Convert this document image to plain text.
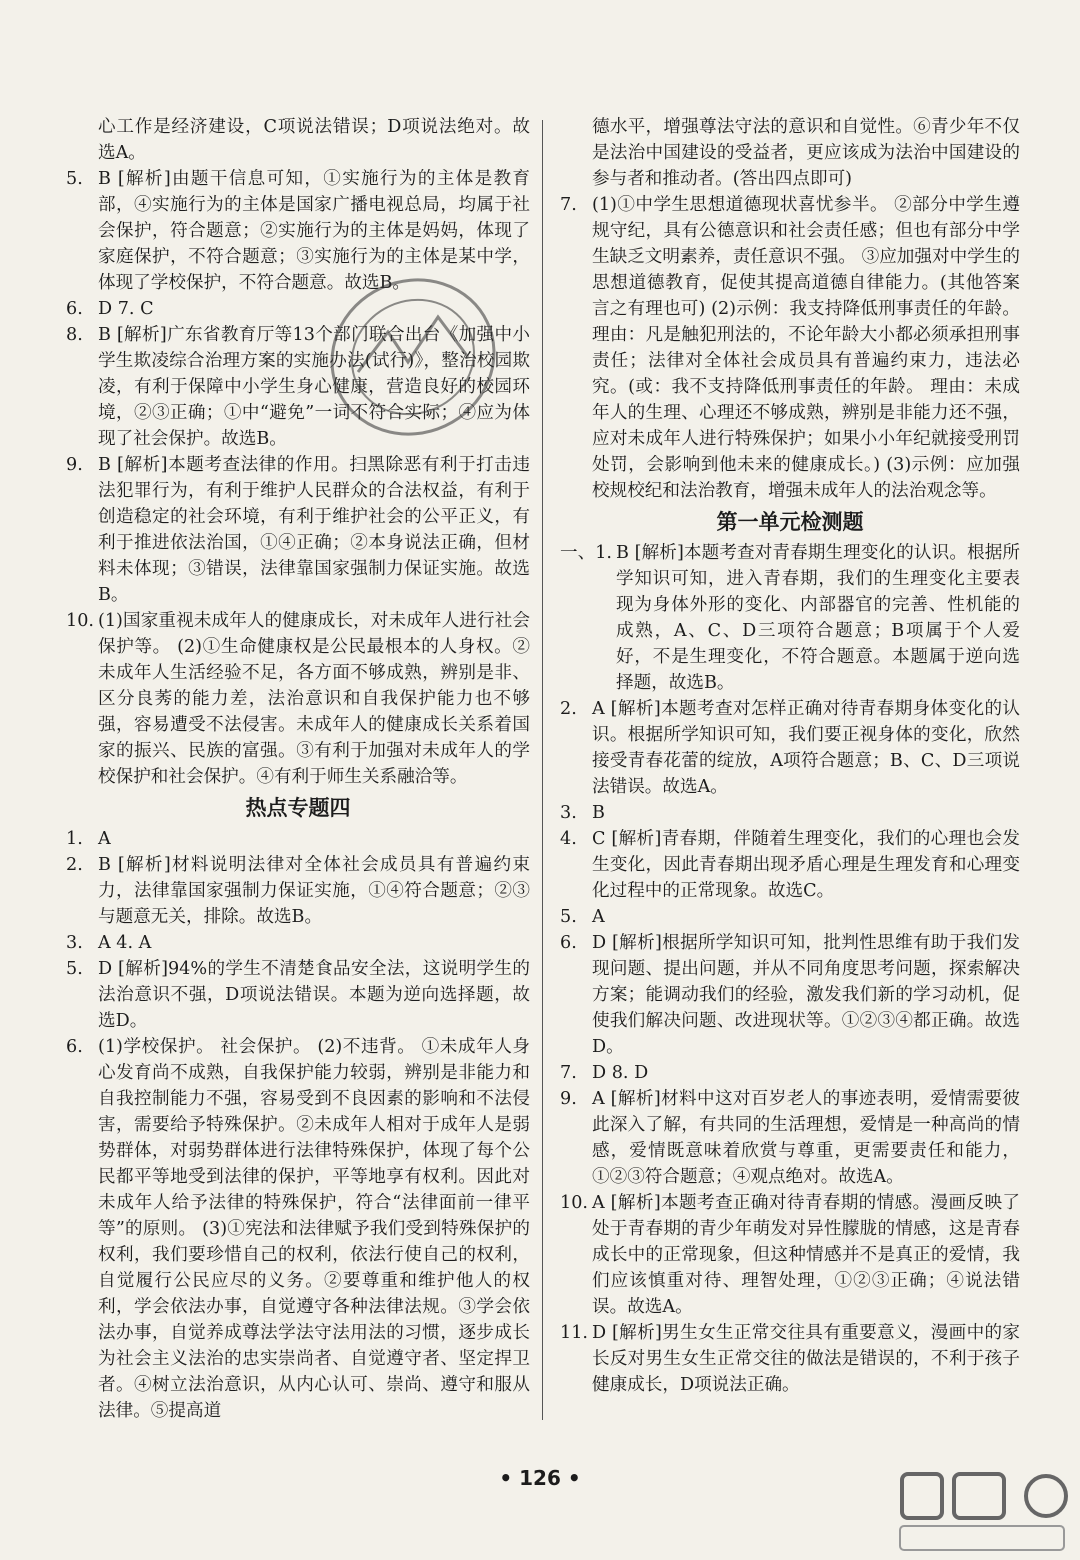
心工作是经济建设，C项说法错误；D项说法绝对。故选A。
5. B [解析]由题干信息可知，①实施行为的主体是教育部，④实施行为的主体是国家广播电视总局，均属于社会保护，符合题意；②实施行为的主体是妈妈，体现了家庭保护，不符合题意；③实施行为的主体是某中学，体现了学校保护，不符合题意。故选B。
6. D 7. C
8. B [解析]广东省教育厅等13个部门联合出台《加强中小学生欺凌综合治理方案的实施办法(试行)》，整治校园欺凌，有利于保障中小学生身心健康，营造良好的校园环境，②③正确；①中“避免”一词不符合实际；④应为体现了社会保护。故选B。
9. B [解析]本题考查法律的作用。扫黑除恶有利于打击违法犯罪行为，有利于维护人民群众的合法权益，有利于创造稳定的社会环境，有利于维护社会的公平正义，有利于推进依法治国，①④正确；②本身说法正确，但材料未体现；③错误，法律靠国家强制力保证实施。故选B。
10. (1)国家重视未成年人的健康成长，对未成年人进行社会保护等。 (2)①生命健康权是公民最根本的人身权。②未成年人生活经验不足，各方面不够成熟，辨别是非、区分良莠的能力差，法治意识和自我保护能力也不够强，容易遭受不法侵害。未成年人的健康成长关系着国家的振兴、民族的富强。③有利于加强对未成年人的学校保护和社会保护。④有利于师生关系融洽等。
热点专题四
1. A
2. B [解析]材料说明法律对全体社会成员具有普遍约束力，法律靠国家强制力保证实施，①④符合题意；②③与题意无关，排除。故选B。
3. A 4. A
5. D [解析]94%的学生不清楚食品安全法，这说明学生的法治意识不强，D项说法错误。本题为逆向选择题，故选D。
6. (1)学校保护。 社会保护。 (2)不违背。 ①未成年人身心发育尚不成熟，自我保护能力较弱，辨别是非能力和自我控制能力不强，容易受到不良因素的影响和不法侵害，需要给予特殊保护。②未成年人相对于成年人是弱势群体，对弱势群体进行法律特殊保护，体现了每个公民都平等地受到法律的保护，平等地享有权利。因此对未成年人给予法律的特殊保护，符合“法律面前一律平等”的原则。 (3)①宪法和法律赋予我们受到特殊保护的权利，我们要珍惜自己的权利，依法行使自己的权利，自觉履行公民应尽的义务。②要尊重和维护他人的权利，学会依法办事，自觉遵守各种法律法规。③学会依法办事，自觉养成尊法学法守法用法的习惯，逐步成长为社会主义法治的忠实崇尚者、自觉遵守者、坚定捍卫者。④树立法治意识，从内心认可、崇尚、遵守和服从法律。⑤提高道
德水平，增强尊法守法的意识和自觉性。⑥青少年不仅是法治中国建设的受益者，更应该成为法治中国建设的参与者和推动者。(答出四点即可)
7. (1)①中学生思想道德现状喜忧参半。 ②部分中学生遵规守纪，具有公德意识和社会责任感；但也有部分中学生缺乏文明素养，责任意识不强。 ③应加强对中学生的思想道德教育，促使其提高道德自律能力。(其他答案言之有理也可) (2)示例：我支持降低刑事责任的年龄。 理由：凡是触犯刑法的，不论年龄大小都必须承担刑事责任；法律对全体社会成员具有普遍约束力，违法必究。(或：我不支持降低刑事责任的年龄。 理由：未成年人的生理、心理还不够成熟，辨别是非能力还不强，应对未成年人进行特殊保护；如果小小年纪就接受刑罚处罚，会影响到他未来的健康成长。) (3)示例：应加强校规校纪和法治教育，增强未成年人的法治观念等。
第一单元检测题
一、1. B [解析]本题考查对青春期生理变化的认识。根据所学知识可知，进入青春期，我们的生理变化主要表现为身体外形的变化、内部器官的完善、性机能的成熟，A、C、D三项符合题意；B项属于个人爱好，不是生理变化，不符合题意。本题属于逆向选择题，故选B。
2. A [解析]本题考查对怎样正确对待青春期身体变化的认识。根据所学知识可知，我们要正视身体的变化，欣然接受青春花蕾的绽放，A项符合题意；B、C、D三项说法错误。故选A。
3. B
4. C [解析]青春期，伴随着生理变化，我们的心理也会发生变化，因此青春期出现矛盾心理是生理发育和心理变化过程中的正常现象。故选C。
5. A
6. D [解析]根据所学知识可知，批判性思维有助于我们发现问题、提出问题，并从不同角度思考问题，探索解决方案；能调动我们的经验，激发我们新的学习动机，促使我们解决问题、改进现状等。①②③④都正确。故选D。
7. D 8. D
9. A [解析]材料中这对百岁老人的事迹表明，爱情需要彼此深入了解，有共同的生活理想，爱情是一种高尚的情感，爱情既意味着欣赏与尊重，更需要责任和能力，①②③符合题意；④观点绝对。故选A。
10. A [解析]本题考查正确对待青春期的情感。漫画反映了处于青春期的青少年萌发对异性朦胧的情感，这是青春成长中的正常现象，但这种情感并不是真正的爱情，我们应该慎重对待、理智处理，①②③正确；④说法错误。故选A。
11. D [解析]男生女生正常交往具有重要意义，漫画中的家长反对男生女生正常交往的做法是错误的，不利于孩子健康成长，D项说法正确。
• 126 •
